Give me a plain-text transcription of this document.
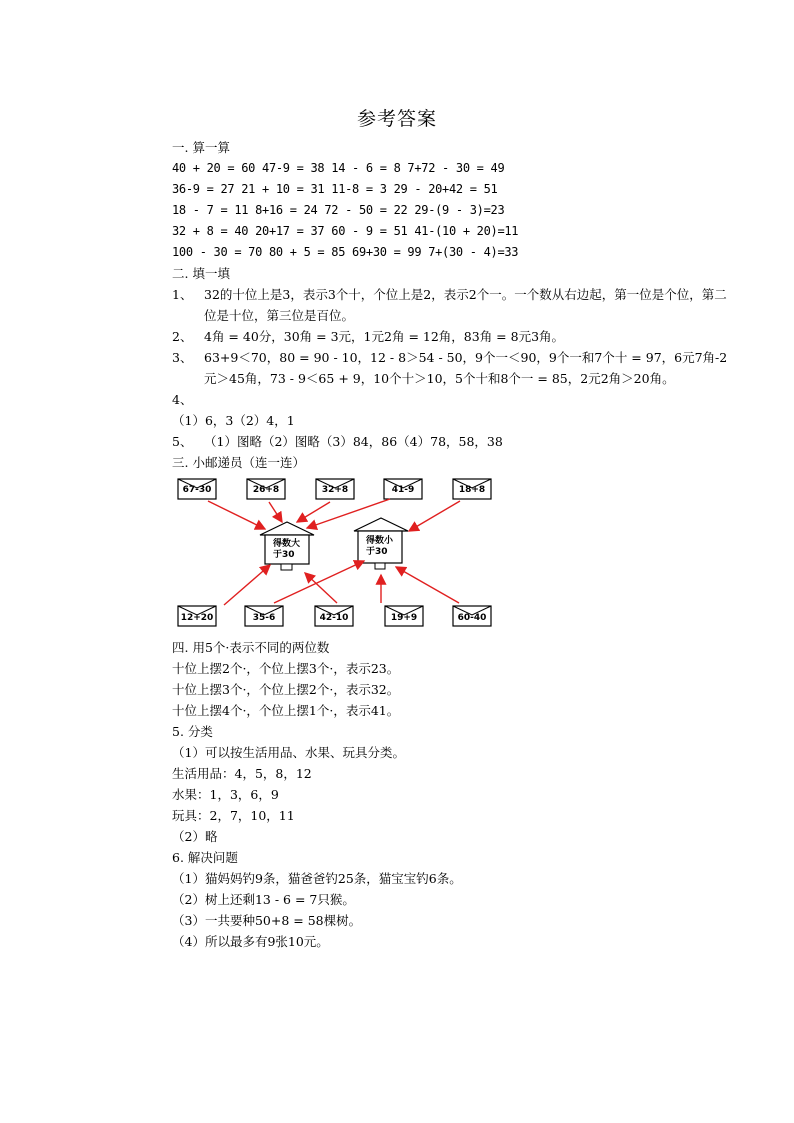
参考答案
一. 算一算
40 + 20 = 60 47-9 = 38 14 - 6 = 8 7+72 - 30 = 49
36-9 = 27 21 + 10 = 31 11-8 = 3 29 - 20+42 = 51
18 - 7 = 11 8+16 = 24 72 - 50 = 22 29-(9 - 3)=23
32 + 8 = 40 20+17 = 37 60 - 9 = 51 41-(10 + 20)=11
100 - 30 = 70 80 + 5 = 85 69+30 = 99 7+(30 - 4)=33
二. 填一填
1、 32的十位上是3，表示3个十，个位上是2，表示2个一。一个数从右边起，第一位是个位，第二位是十位，第三位是百位。
2、 4角 = 40分，30角 = 3元，1元2角 = 12角，83角 = 8元3角。
3、 63+9＜70，80 = 90 - 10，12 - 8＞54 - 50，9个一＜90，9个一和7个十 = 97，6元7角-2元＞45角，73 - 9＜65 + 9，10个十＞10，5个十和8个一 = 85，2元2角＞20角。
4、
（1）6，3（2）4，1
5、 （1）图略（2）图略（3）84，86（4）78，58，38
三. 小邮递员（连一连）
67-30	26+8	32+8	41-9	18+8
12+20	35-6	42-10	19+9	60-40
得数大
于30
得数小
于30
四. 用5个·表示不同的两位数
十位上摆2个·，个位上摆3个·，表示23。
十位上摆3个·，个位上摆2个·，表示32。
十位上摆4个·，个位上摆1个·，表示41。
5. 分类
（1）可以按生活用品、水果、玩具分类。
生活用品：4，5，8，12
水果：1，3，6，9
玩具：2，7，10，11
（2）略
6. 解决问题
（1）猫妈妈钓9条，猫爸爸钓25条，猫宝宝钓6条。
（2）树上还剩13 - 6 = 7只猴。
（3）一共要种50+8 = 58棵树。
（4）所以最多有9张10元。
